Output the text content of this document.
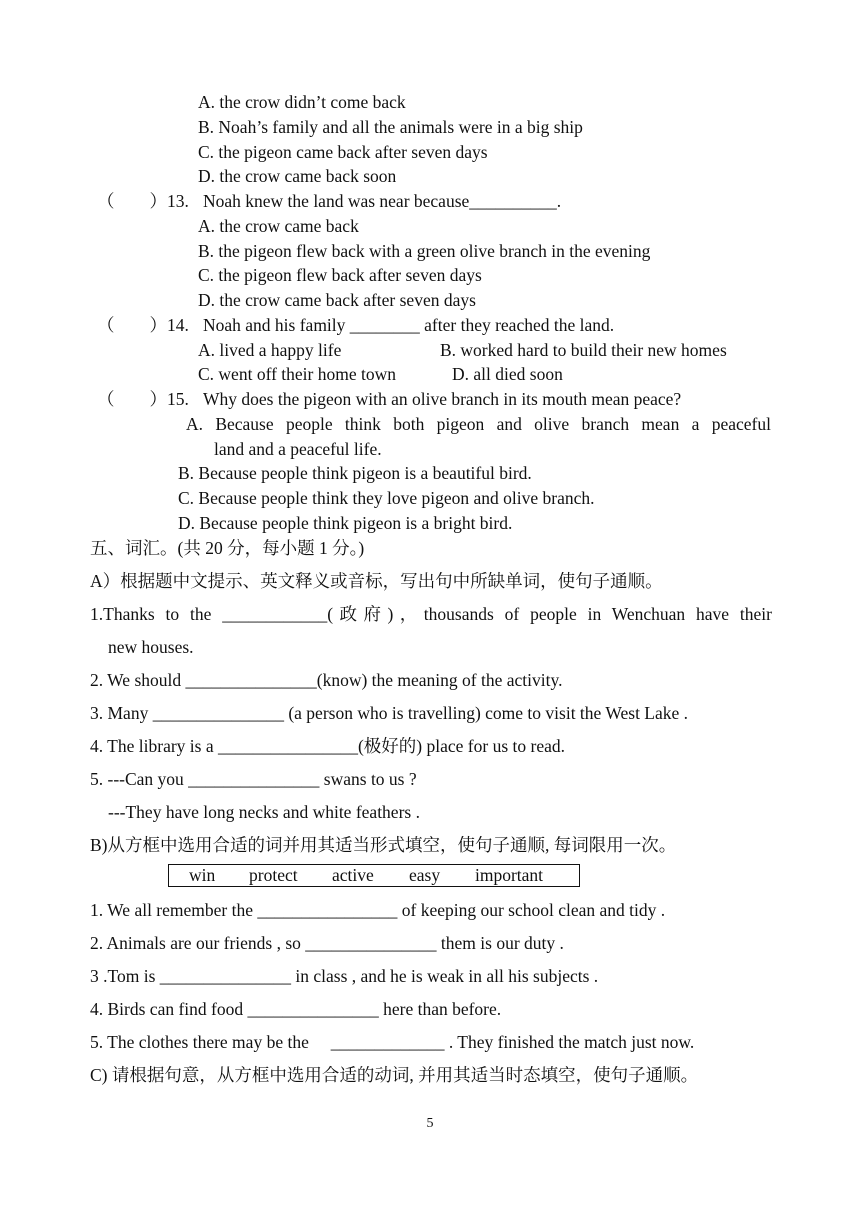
A. the crow didn’t come back
B. Noah’s family and all the animals were in a big ship
C. the pigeon came back after seven days
D. the crow came back soon
（　　）13. Noah knew the land was near because__________.
A. the crow came back
B. the pigeon flew back with a green olive branch in the evening
C. the pigeon flew back after seven days
D. the crow came back after seven days
（　　）14. Noah and his family ________ after they reached the land.
A. lived a happy life	B. worked hard to build their new homes
C. went off their home town	D. all died soon
（　　）15. Why does the pigeon with an olive branch in its mouth mean peace?
A. Because people think both pigeon and olive branch mean a peaceful
land and a peaceful life.
B. Because people think pigeon is a beautiful bird.
C. Because people think they love pigeon and olive branch.
D. Because people think pigeon is a bright bird.
五、词汇。(共 20 分，每小题 1 分。)
A）根据题中文提示、英文释义或音标，写出句中所缺单词，使句子通顺。
1.Thanks to the ____________(政府)，thousands of people in Wenchuan have their
new houses.
2. We should _______________(know) the meaning of the activity.
3. Many _______________ (a person who is travelling) come to visit the West Lake .
4. The library is a ________________(极好的) place for us to read.
5. ---Can you _______________ swans to us ?
---They have long necks and white feathers .
B)从方框中选用合适的词并用其适当形式填空，使句子通顺, 每词限用一次。
win protect active easy important
1. We all remember the ________________ of keeping our school clean and tidy .
2. Animals are our friends , so _______________ them is our duty .
3 .Tom is _______________ in class , and he is weak in all his subjects .
4. Birds can find food _______________ here than before.
5. The clothes there may be the     _____________ . They finished the match just now.
C) 请根据句意，从方框中选用合适的动词, 并用其适当时态填空，使句子通顺。
5
